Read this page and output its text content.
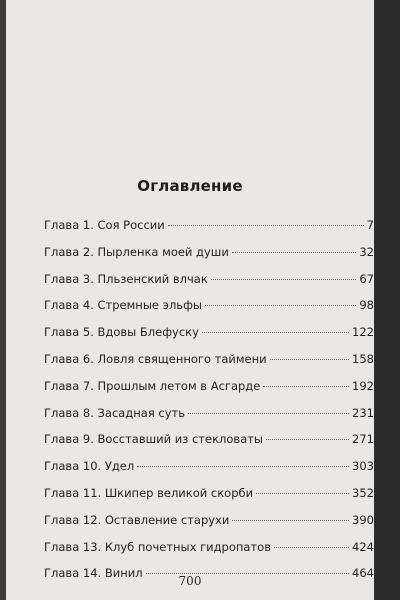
Оглавление
Глава 1. Соя России	7
Глава 2. Пырленка моей души	32
Глава 3. Пльзенский влчак	67
Глава 4. Стремные эльфы	98
Глава 5. Вдовы Блефуску	122
Глава 6. Ловля священного таймени	158
Глава 7. Прошлым летом в Асгарде	192
Глава 8. Засадная суть	231
Глава 9. Восставший из стекловаты	271
Глава 10. Удел	303
Глава 11. Шкипер великой скорби	352
Глава 12. Оставление старухи	390
Глава 13. Клуб почетных гидропатов	424
Глава 14. Винил	464
700
